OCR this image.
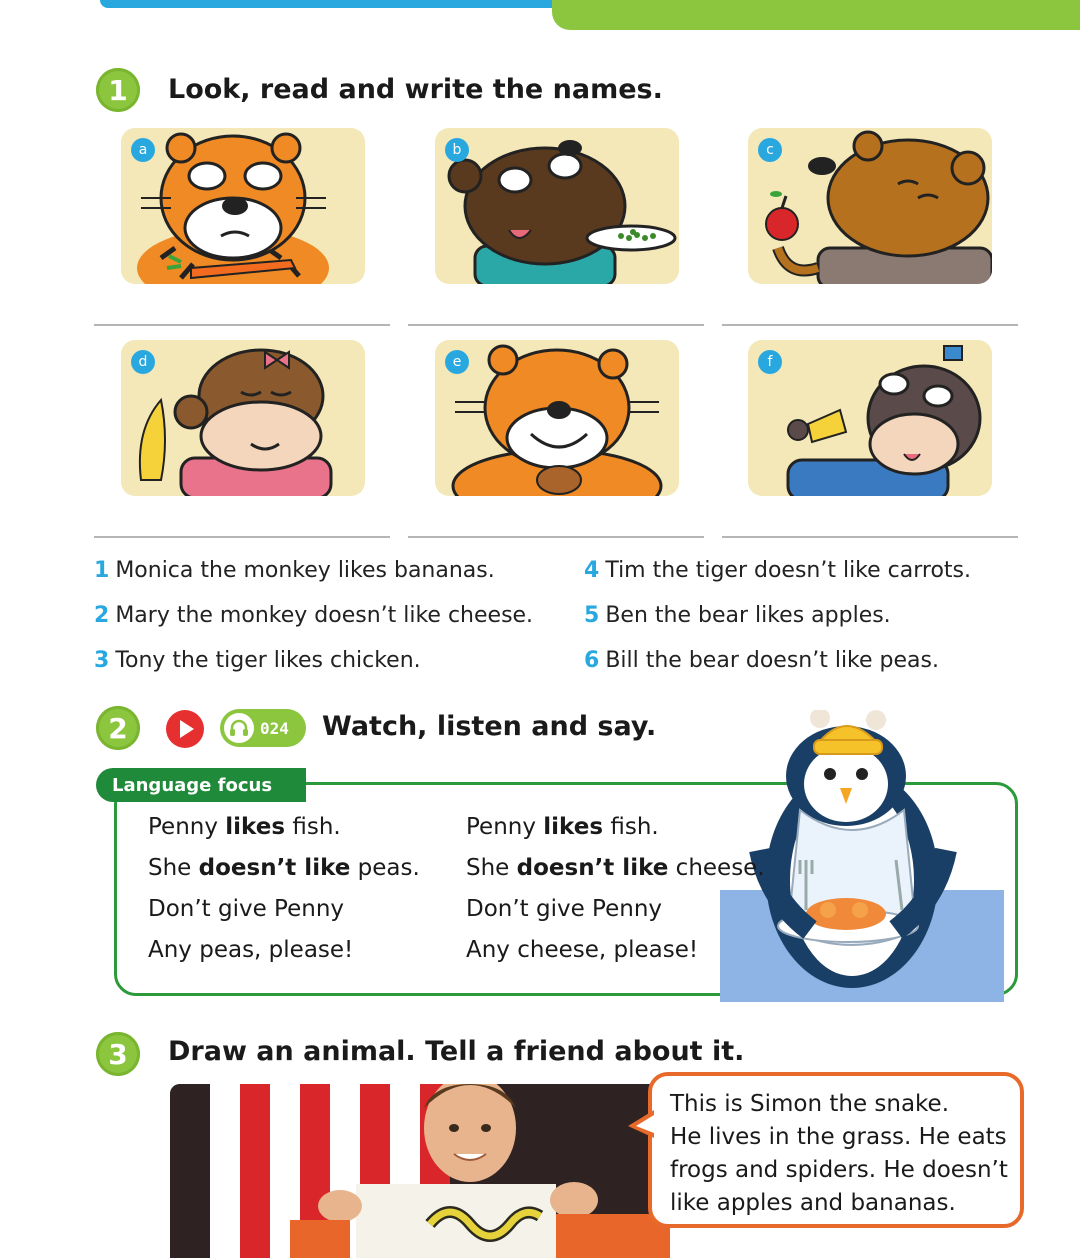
1	Look, read and write the names.
a	b	c
d	e	f
1 Monica the monkey likes bananas.
2 Mary the monkey doesn’t like cheese.
3 Tony the tiger likes chicken.
4 Tim the tiger doesn’t like carrots.
5 Ben the bear likes apples.
6 Bill the bear doesn’t like peas.
2	024 Watch, listen and say.
Language focus
Penny likes fish.
She doesn’t like peas.
Don’t give Penny
Any peas, please!
Penny likes fish.
She doesn’t like cheese.
Don’t give Penny
Any cheese, please!
3	Draw an animal. Tell a friend about it.

This is Simon the snake.

He lives in the grass. He eats

frogs and spiders. He doesn’t

like apples and bananas.
